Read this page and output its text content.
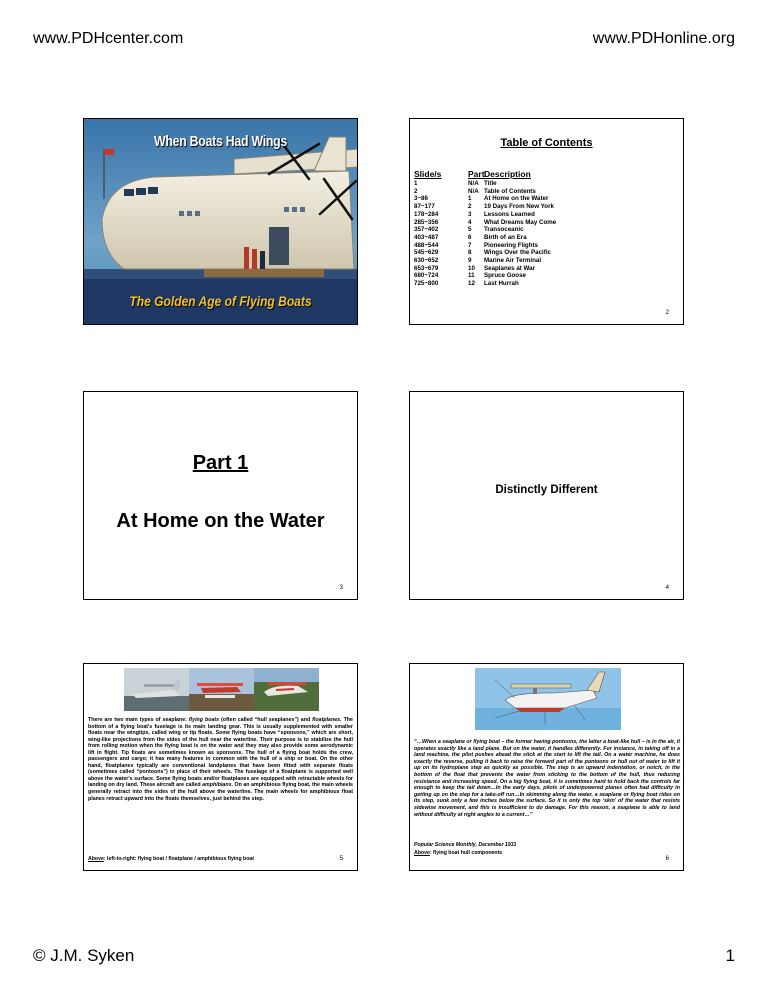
www.PDHcenter.com	www.PDHonline.org
When Boats Had Wings
The Golden Age of Flying Boats
Table of Contents
Slide/s	Part Description
1	N/A Title
2	N/A Table of Contents
3~86	1	At Home on the Water
87~177	2	19 Days From New York
178~284	3	Lessons Learned
285~356	4	What Dreams May Come
357~402	5	Transoceanic
403~487	6	Birth of an Era
488~544	7	Pioneering Flights
545~629	8	Wings Over the Pacific
630~652	9	Marine Air Terminal
653~679	10	Seaplanes at War
680~724	11	Spruce Goose
725~800	12	Last Hurrah
2
Part 1
At Home on the Water
3
Distinctly Different
4
There are two main types of seaplane: flying boats (often called “hull seaplanes”) and floatplanes. The bottom of a flying boat's fuselage is its main landing gear. This is usually supplemented with smaller floats near the wingtips, called wing or tip floats. Some flying boats have “sponsons,” which are short, wing-like projections from the sides of the hull near the waterline. Their purpose is to stabilize the hull from rolling motion when the flying boat is on the water and they may also provide some aerodynamic lift in flight. Tip floats are sometimes known as sponsons. The hull of a flying boat holds the crew, passengers and cargo; it has many features in common with the hull of a ship or boat. On the other hand, floatplanes typically are conventional landplanes that have been fitted with separate floats (sometimes called “pontoons”) in place of their wheels. The fuselage of a floatplane is supported well above the water's surface. Some flying boats and/or floatplanes are equipped with retractable wheels for landing on dry land. These aircraft are called amphibians. On an amphibious flying boat, the main wheels generally retract into the sides of the hull above the waterline. The main wheels for amphibious float planes retract upward into the floats themselves, just behind the step.
Above: left-to-right: flying boat / floatplane / amphibious flying boat	5
“…When a seaplane or flying boat – the former having pontoons, the latter a boat-like hull – is in the air, it operates exactly like a land plane. But on the water, it handles differently. For instance, in taking off in a land machine, the pilot pushes ahead the stick at the start to lift the tail. On a water machine, he does exactly the reverse, pulling it back to raise the forward part of the pontoons or hull out of water to lift it up on its hydroplane step as quickly as possible. The step is an upward indentation, or notch, in the bottom of the float that prevents the water from sticking to the bottom of the hull, thus reducing resistance and increasing speed. On a big flying boat, it is sometimes hard to hold back the controls far enough to keep the tail down…In the early days, pilots of underpowered planes often had difficulty in getting up on the step for a take-off run…In skimming along the water, a seaplane or flying boat rides on its step, sunk only a few inches below the surface. So it is only the top ‘skin’ of the water that resists sidewise movement, and this is insufficient to do damage. For this reason, a seaplane is able to land without difficulty at right angles to a current…”
Popular Science Monthly, December 1931
Above: flying boat hull components
6
© J.M. Syken	1
